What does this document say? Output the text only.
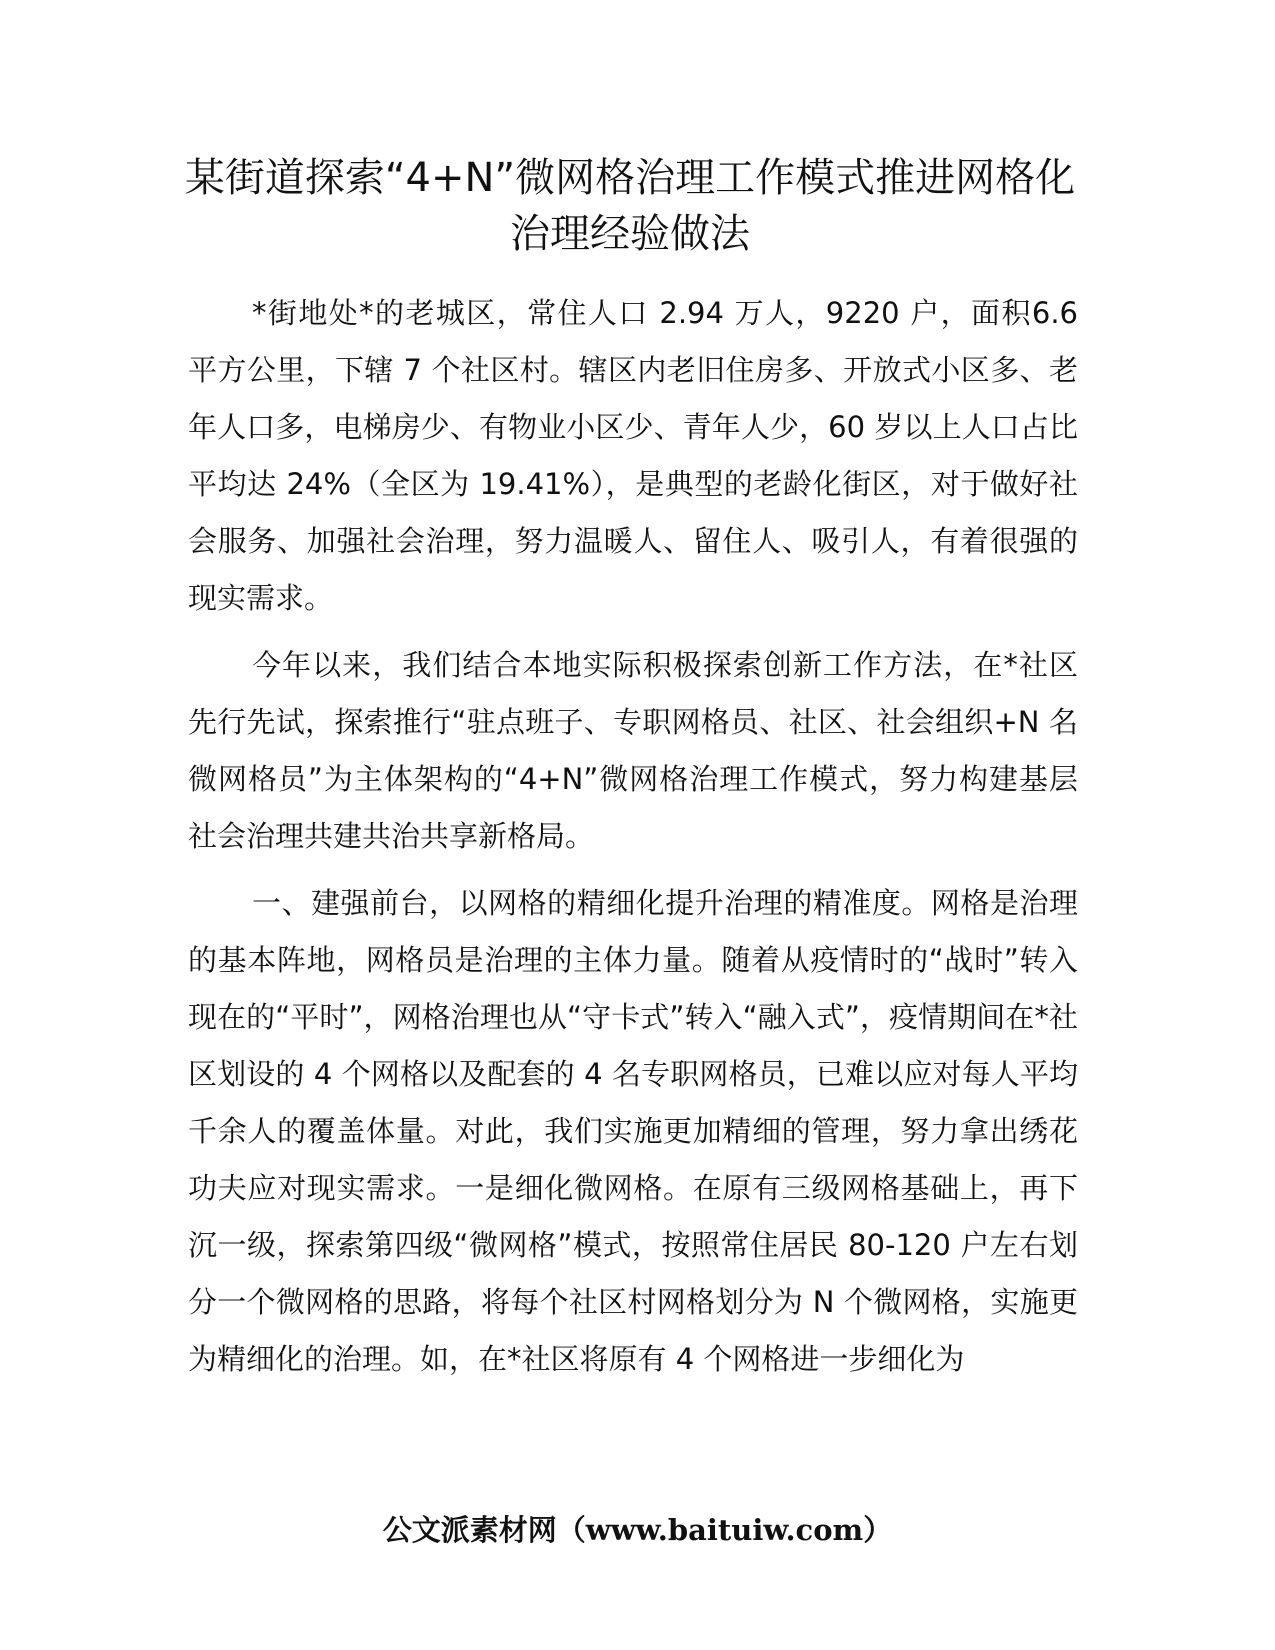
某街道探索“4+N”微网格治理工作模式推进网格化治理经验做法

*街地处*的老城区，常住人口 2.94 万人，9220 户，面积6.6 平方公里，下辖 7 个社区村。辖区内老旧住房多、开放式小区多、老年人口多，电梯房少、有物业小区少、青年人少，60 岁以上人口占比平均达 24%（全区为 19.41%），是典型的老龄化街区，对于做好社会服务、加强社会治理，努力温暖人、留住人、吸引人，有着很强的现实需求。

今年以来，我们结合本地实际积极探索创新工作方法，在*社区先行先试，探索推行“驻点班子、专职网格员、社区、社会组织+N 名微网格员”为主体架构的“4+N”微网格治理工作模式，努力构建基层社会治理共建共治共享新格局。

一、建强前台，以网格的精细化提升治理的精准度。网格是治理的基本阵地，网格员是治理的主体力量。随着从疫情时的“战时”转入现在的“平时”，网格治理也从“守卡式”转入“融入式”，疫情期间在*社区划设的 4 个网格以及配套的 4 名专职网格员，已难以应对每人平均千余人的覆盖体量。对此，我们实施更加精细的管理，努力拿出绣花功夫应对现实需求。一是细化微网格。在原有三级网格基础上，再下沉一级，探索第四级“微网格”模式，按照常住居民 80-120 户左右划分一个微网格的思路，将每个社区村网格划分为 N 个微网格，实施更为精细化的治理。如，在*社区将原有 4 个网格进一步细化为

公文派素材网（www.baituiw.com）
